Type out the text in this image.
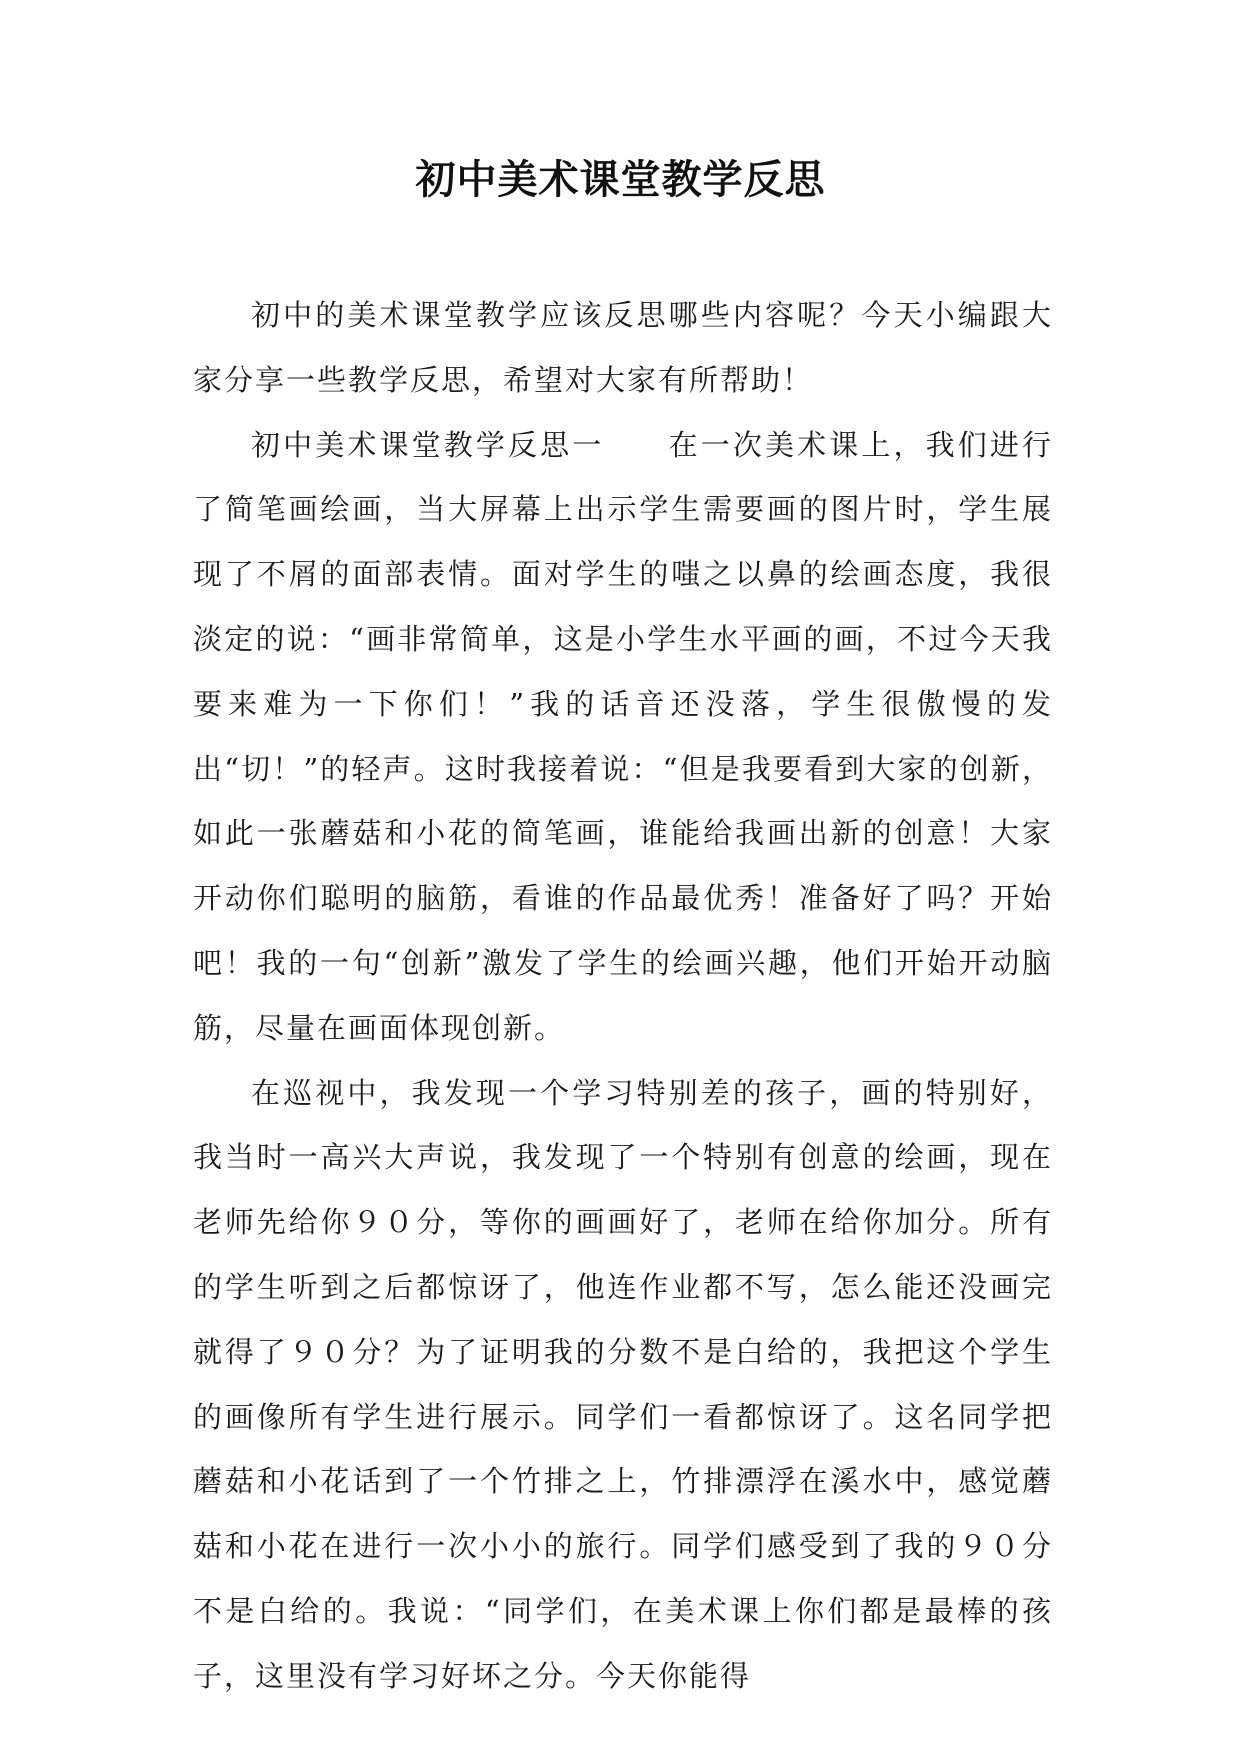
初中美术课堂教学反思

初中的美术课堂教学应该反思哪些内容呢？今天小编跟大家分享一些教学反思，希望对大家有所帮助！

初中美术课堂教学反思一　　在一次美术课上，我们进行了简笔画绘画，当大屏幕上出示学生需要画的图片时，学生展现了不屑的面部表情。面对学生的嗤之以鼻的绘画态度，我很淡定的说：“画非常简单，这是小学生水平画的画，不过今天我要来难为一下你们！”我的话音还没落，学生很傲慢的发出“切！”的轻声。这时我接着说：“但是我要看到大家的创新，如此一张蘑菇和小花的简笔画，谁能给我画出新的创意！大家开动你们聪明的脑筋，看谁的作品最优秀！准备好了吗？开始吧！我的一句“创新”激发了学生的绘画兴趣，他们开始开动脑筋，尽量在画面体现创新。

在巡视中，我发现一个学习特别差的孩子，画的特别好，我当时一高兴大声说，我发现了一个特别有创意的绘画，现在老师先给你９０分，等你的画画好了，老师在给你加分。所有的学生听到之后都惊讶了，他连作业都不写，怎么能还没画完就得了９０分？为了证明我的分数不是白给的，我把这个学生的画像所有学生进行展示。同学们一看都惊讶了。这名同学把蘑菇和小花话到了一个竹排之上，竹排漂浮在溪水中，感觉蘑菇和小花在进行一次小小的旅行。同学们感受到了我的９０分不是白给的。我说：“同学们，在美术课上你们都是最棒的孩子，这里没有学习好坏之分。今天你能得
